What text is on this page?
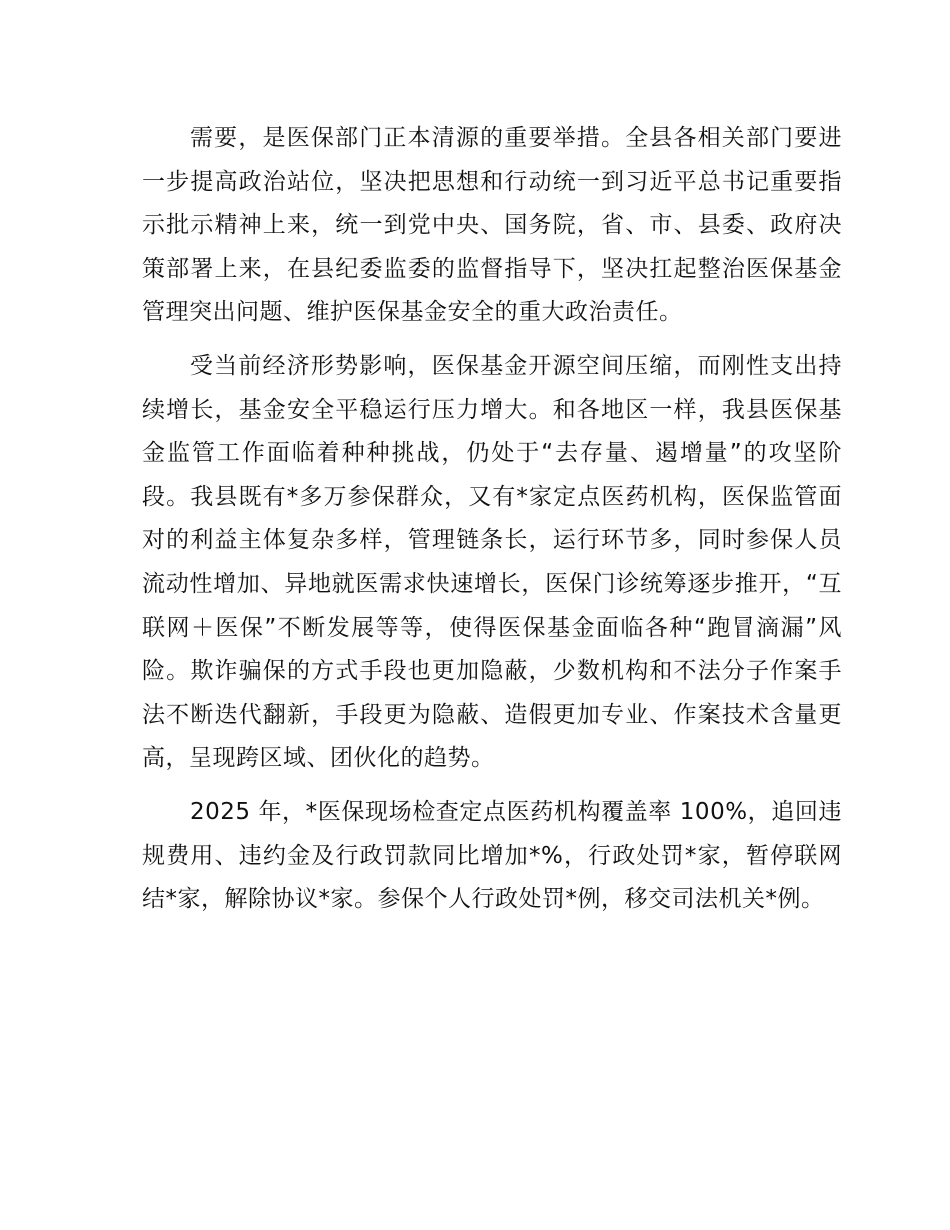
需要，是医保部门正本清源的重要举措。全县各相关部门要进一步提高政治站位，坚决把思想和行动统一到习近平总书记重要指示批示精神上来，统一到党中央、国务院，省、市、县委、政府决策部署上来，在县纪委监委的监督指导下，坚决扛起整治医保基金管理突出问题、维护医保基金安全的重大政治责任。

受当前经济形势影响，医保基金开源空间压缩，而刚性支出持续增长，基金安全平稳运行压力增大。和各地区一样，我县医保基金监管工作面临着种种挑战，仍处于“去存量、遏增量”的攻坚阶段。我县既有*多万参保群众，又有*家定点医药机构，医保监管面对的利益主体复杂多样，管理链条长，运行环节多，同时参保人员流动性增加、异地就医需求快速增长，医保门诊统筹逐步推开，“互联网＋医保”不断发展等等，使得医保基金面临各种“跑冒滴漏”风险。欺诈骗保的方式手段也更加隐蔽，少数机构和不法分子作案手法不断迭代翻新，手段更为隐蔽、造假更加专业、作案技术含量更高，呈现跨区域、团伙化的趋势。

2025 年，*医保现场检查定点医药机构覆盖率 100%，追回违规费用、违约金及行政罚款同比增加*%，行政处罚*家，暂停联网结*家，解除协议*家。参保个人行政处罚*例，移交司法机关*例。
